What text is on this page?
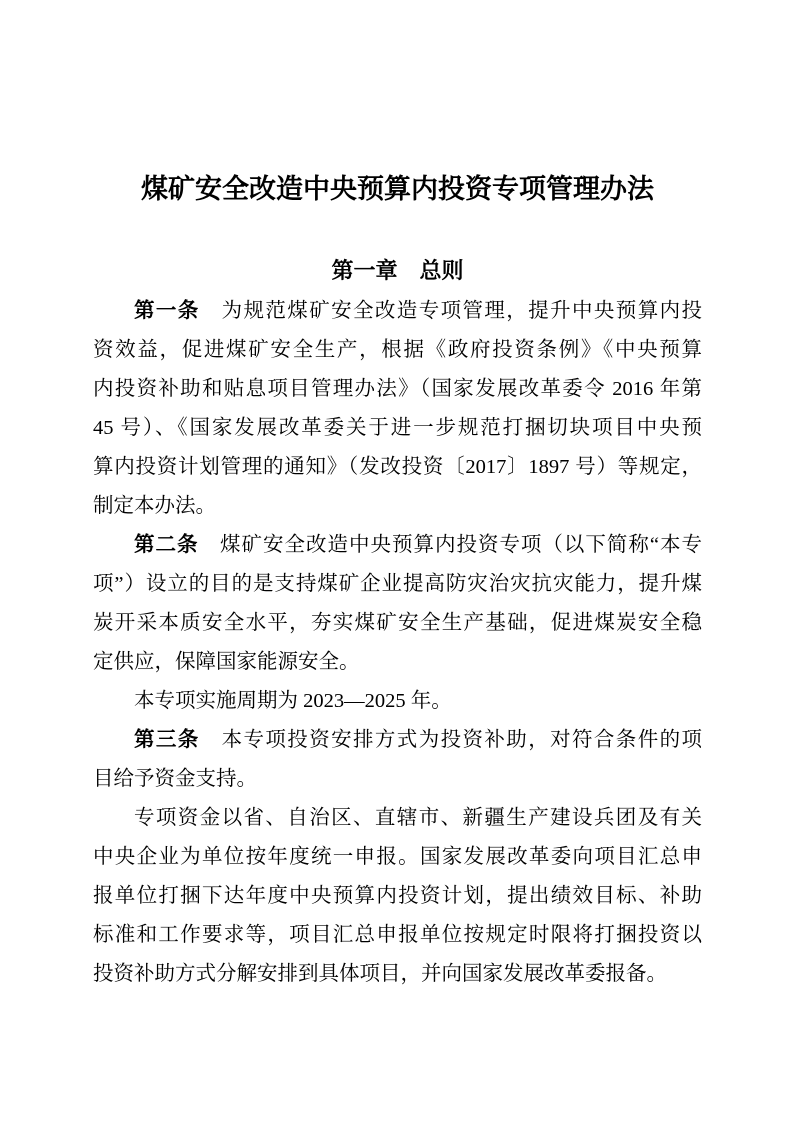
煤矿安全改造中央预算内投资专项管理办法
第一章　总则

第一条　为规范煤矿安全改造专项管理，提升中央预算内投
资效益，促进煤矿安全生产，根据《政府投资条例》《中央预算
内投资补助和贴息项目管理办法》（国家发展改革委令 2016 年第
45 号）、《国家发展改革委关于进一步规范打捆切块项目中央预
算内投资计划管理的通知》（发改投资〔2017〕1897 号）等规定，
制定本办法。

第二条　煤矿安全改造中央预算内投资专项（以下简称“本专
项”）设立的目的是支持煤矿企业提高防灾治灾抗灾能力，提升煤
炭开采本质安全水平，夯实煤矿安全生产基础，促进煤炭安全稳
定供应，保障国家能源安全。

本专项实施周期为 2023—2025 年。

第三条　本专项投资安排方式为投资补助，对符合条件的项
目给予资金支持。

专项资金以省、自治区、直辖市、新疆生产建设兵团及有关
中央企业为单位按年度统一申报。国家发展改革委向项目汇总申
报单位打捆下达年度中央预算内投资计划，提出绩效目标、补助
标准和工作要求等，项目汇总申报单位按规定时限将打捆投资以
投资补助方式分解安排到具体项目，并向国家发展改革委报备。
